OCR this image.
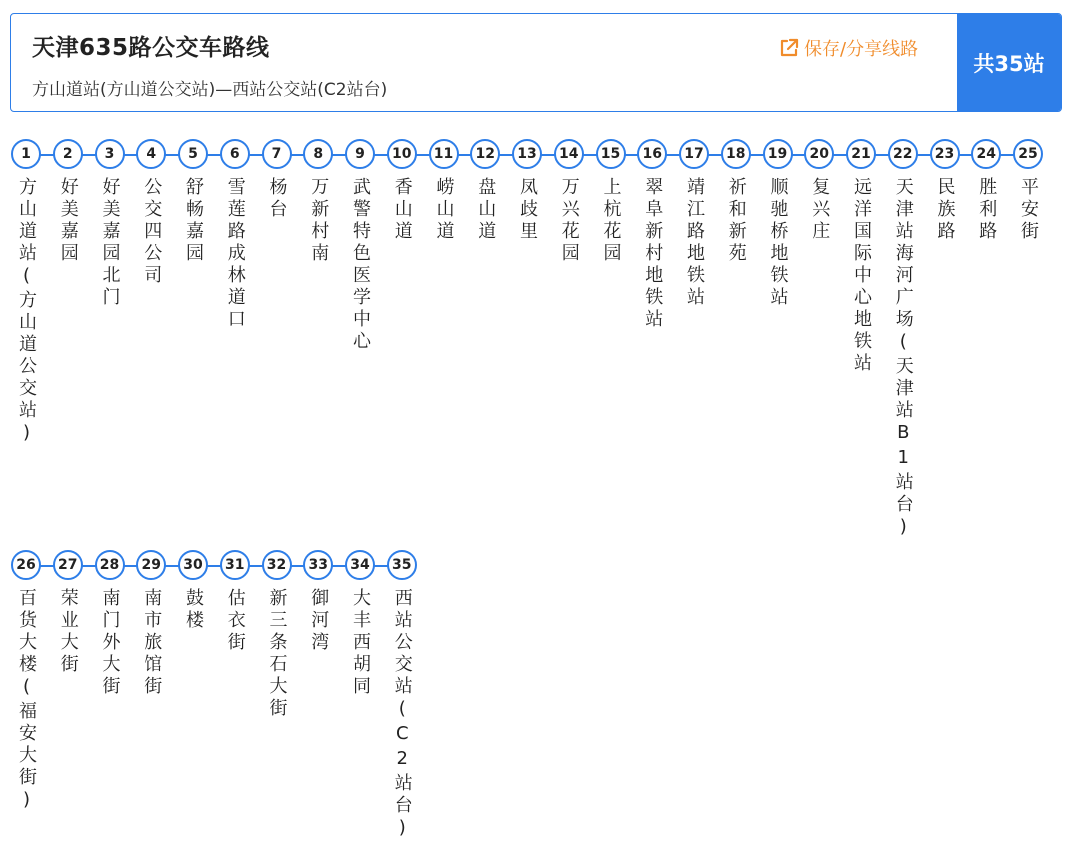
天津635路公交车路线
方山道站(方山道公交站)—西站公交站(C2站台)
保存/分享线路
共35站
1
方山道站(方山道公交站)
2
好美嘉园
3
好美嘉园北门
4
公交四公司
5
舒畅嘉园
6
雪莲路成林道口
7
杨台
8
万新村南
9
武警特色医学中心
10
香山道
11
崂山道
12
盘山道
13
凤歧里
14
万兴花园
15
上杭花园
16
翠阜新村地铁站
17
靖江路地铁站
18
祈和新苑
19
顺驰桥地铁站
20
复兴庄
21
远洋国际中心地铁站
22
天津站海河广场(天津站B1站台)
23
民族路
24
胜利路
25
平安街
26
百货大楼(福安大街)
27
荣业大街
28
南门外大街
29
南市旅馆街
30
鼓楼
31
估衣街
32
新三条石大街
33
御河湾
34
大丰西胡同
35
西站公交站(C2站台)
